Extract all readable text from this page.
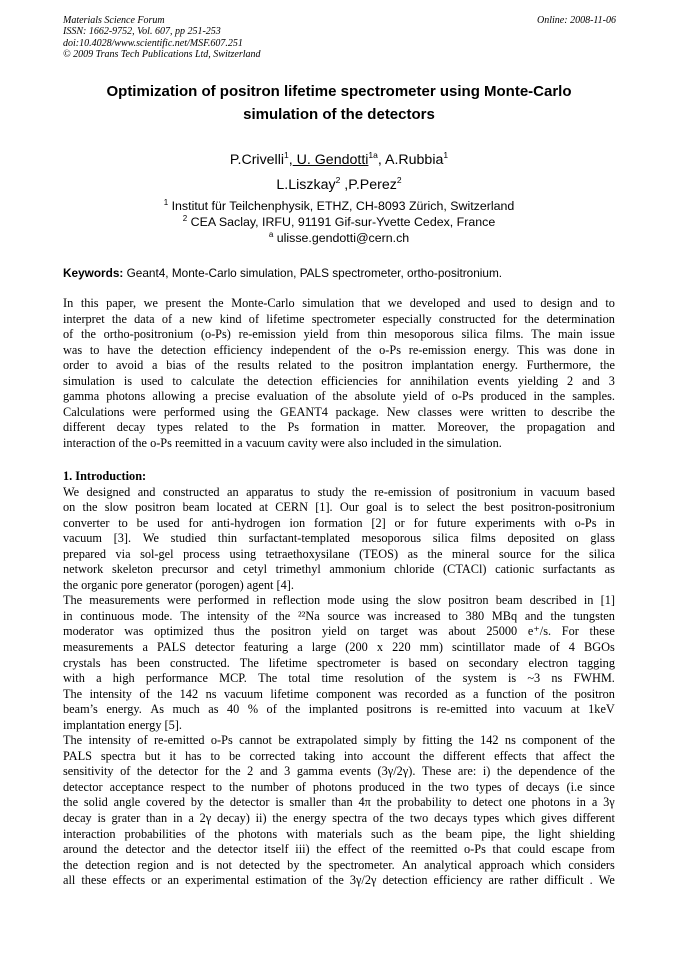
Materials Science Forum
ISSN: 1662-9752, Vol. 607, pp 251-253
doi:10.4028/www.scientific.net/MSF.607.251
© 2009 Trans Tech Publications Ltd, Switzerland
Online: 2008-11-06
Optimization of positron lifetime spectrometer using Monte-Carlo
simulation of the detectors
P.Crivelli$^1$, U. Gendotti$^{1a}$, A.Rubbia$^1$
L.Liszkay$^2$ ,P.Perez$^2$
$^1$ Institut für Teilchenphysik, ETHZ, CH-8093 Zürich, Switzerland
$^2$ CEA Saclay, IRFU, 91191 Gif-sur-Yvette Cedex, France
$^a$ ulisse.gendotti@cern.ch
Keywords: Geant4, Monte-Carlo simulation, PALS spectrometer, ortho-positronium.
In this paper, we present the Monte-Carlo simulation that we developed and used to design and to
interpret the data of a new kind of lifetime spectrometer especially constructed for the determination
of the ortho-positronium (o-Ps) re-emission yield from thin mesoporous silica films. The main issue
was to have the detection efficiency independent of the o-Ps re-emission energy. This was done in
order to avoid a bias of the results related to the positron implantation energy. Furthermore, the
simulation is used to calculate the detection efficiencies for annihilation events yielding 2 and 3
gamma photons allowing a precise evaluation of the absolute yield of o-Ps produced in the samples.
Calculations were performed using the GEANT4 package. New classes were written to describe the
different decay types related to the Ps formation in matter. Moreover, the propagation and
interaction of the o-Ps reemitted in a vacuum cavity were also included in the simulation.
1. Introduction:
We designed and constructed an apparatus to study the re-emission of positronium in vacuum based
on the slow positron beam located at CERN [1]. Our goal is to select the best positron-positronium
converter to be used for anti-hydrogen ion formation [2] or for future experiments with o-Ps in
vacuum [3]. We studied thin surfactant-templated mesoporous silica films deposited on glass
prepared via sol-gel process using tetraethoxysilane (TEOS) as the mineral source for the silica
network skeleton precursor and cetyl trimethyl ammonium chloride (CTACl) cationic surfactants as
the organic pore generator (porogen) agent [4].
The measurements were performed in reflection mode using the slow positron beam described in [1]
in continuous mode. The intensity of the ²²Na source was increased to 380 MBq and the tungsten
moderator was optimized thus the positron yield on target was about 25000 e⁺/s. For these
measurements a PALS detector featuring a large (200 x 220 mm) scintillator made of 4 BGOs
crystals has been constructed. The lifetime spectrometer is based on secondary electron tagging
with a high performance MCP. The total time resolution of the system is ~3 ns FWHM.
The intensity of the 142 ns vacuum lifetime component was recorded as a function of the positron
beam’s energy. As much as 40 % of the implanted positrons is re-emitted into vacuum at 1keV
implantation energy [5].
The intensity of re-emitted o-Ps cannot be extrapolated simply by fitting the 142 ns component of the
PALS spectra but it has to be corrected taking into account the different effects that affect the
sensitivity of the detector for the 2 and 3 gamma events (3γ/2γ). These are: i) the dependence of the
detector acceptance respect to the number of photons produced in the two types of decays (i.e since
the solid angle covered by the detector is smaller than 4π the probability to detect one photons in a 3γ
decay is grater than in a 2γ decay) ii) the energy spectra of the two decays types which gives different
interaction probabilities of the photons with materials such as the beam pipe, the light shielding
around the detector and the detector itself iii) the effect of the reemitted o-Ps that could escape from
the detection region and is not detected by the spectrometer. An analytical approach which considers
all these effects or an experimental estimation of the 3γ/2γ detection efficiency are rather difficult . We
